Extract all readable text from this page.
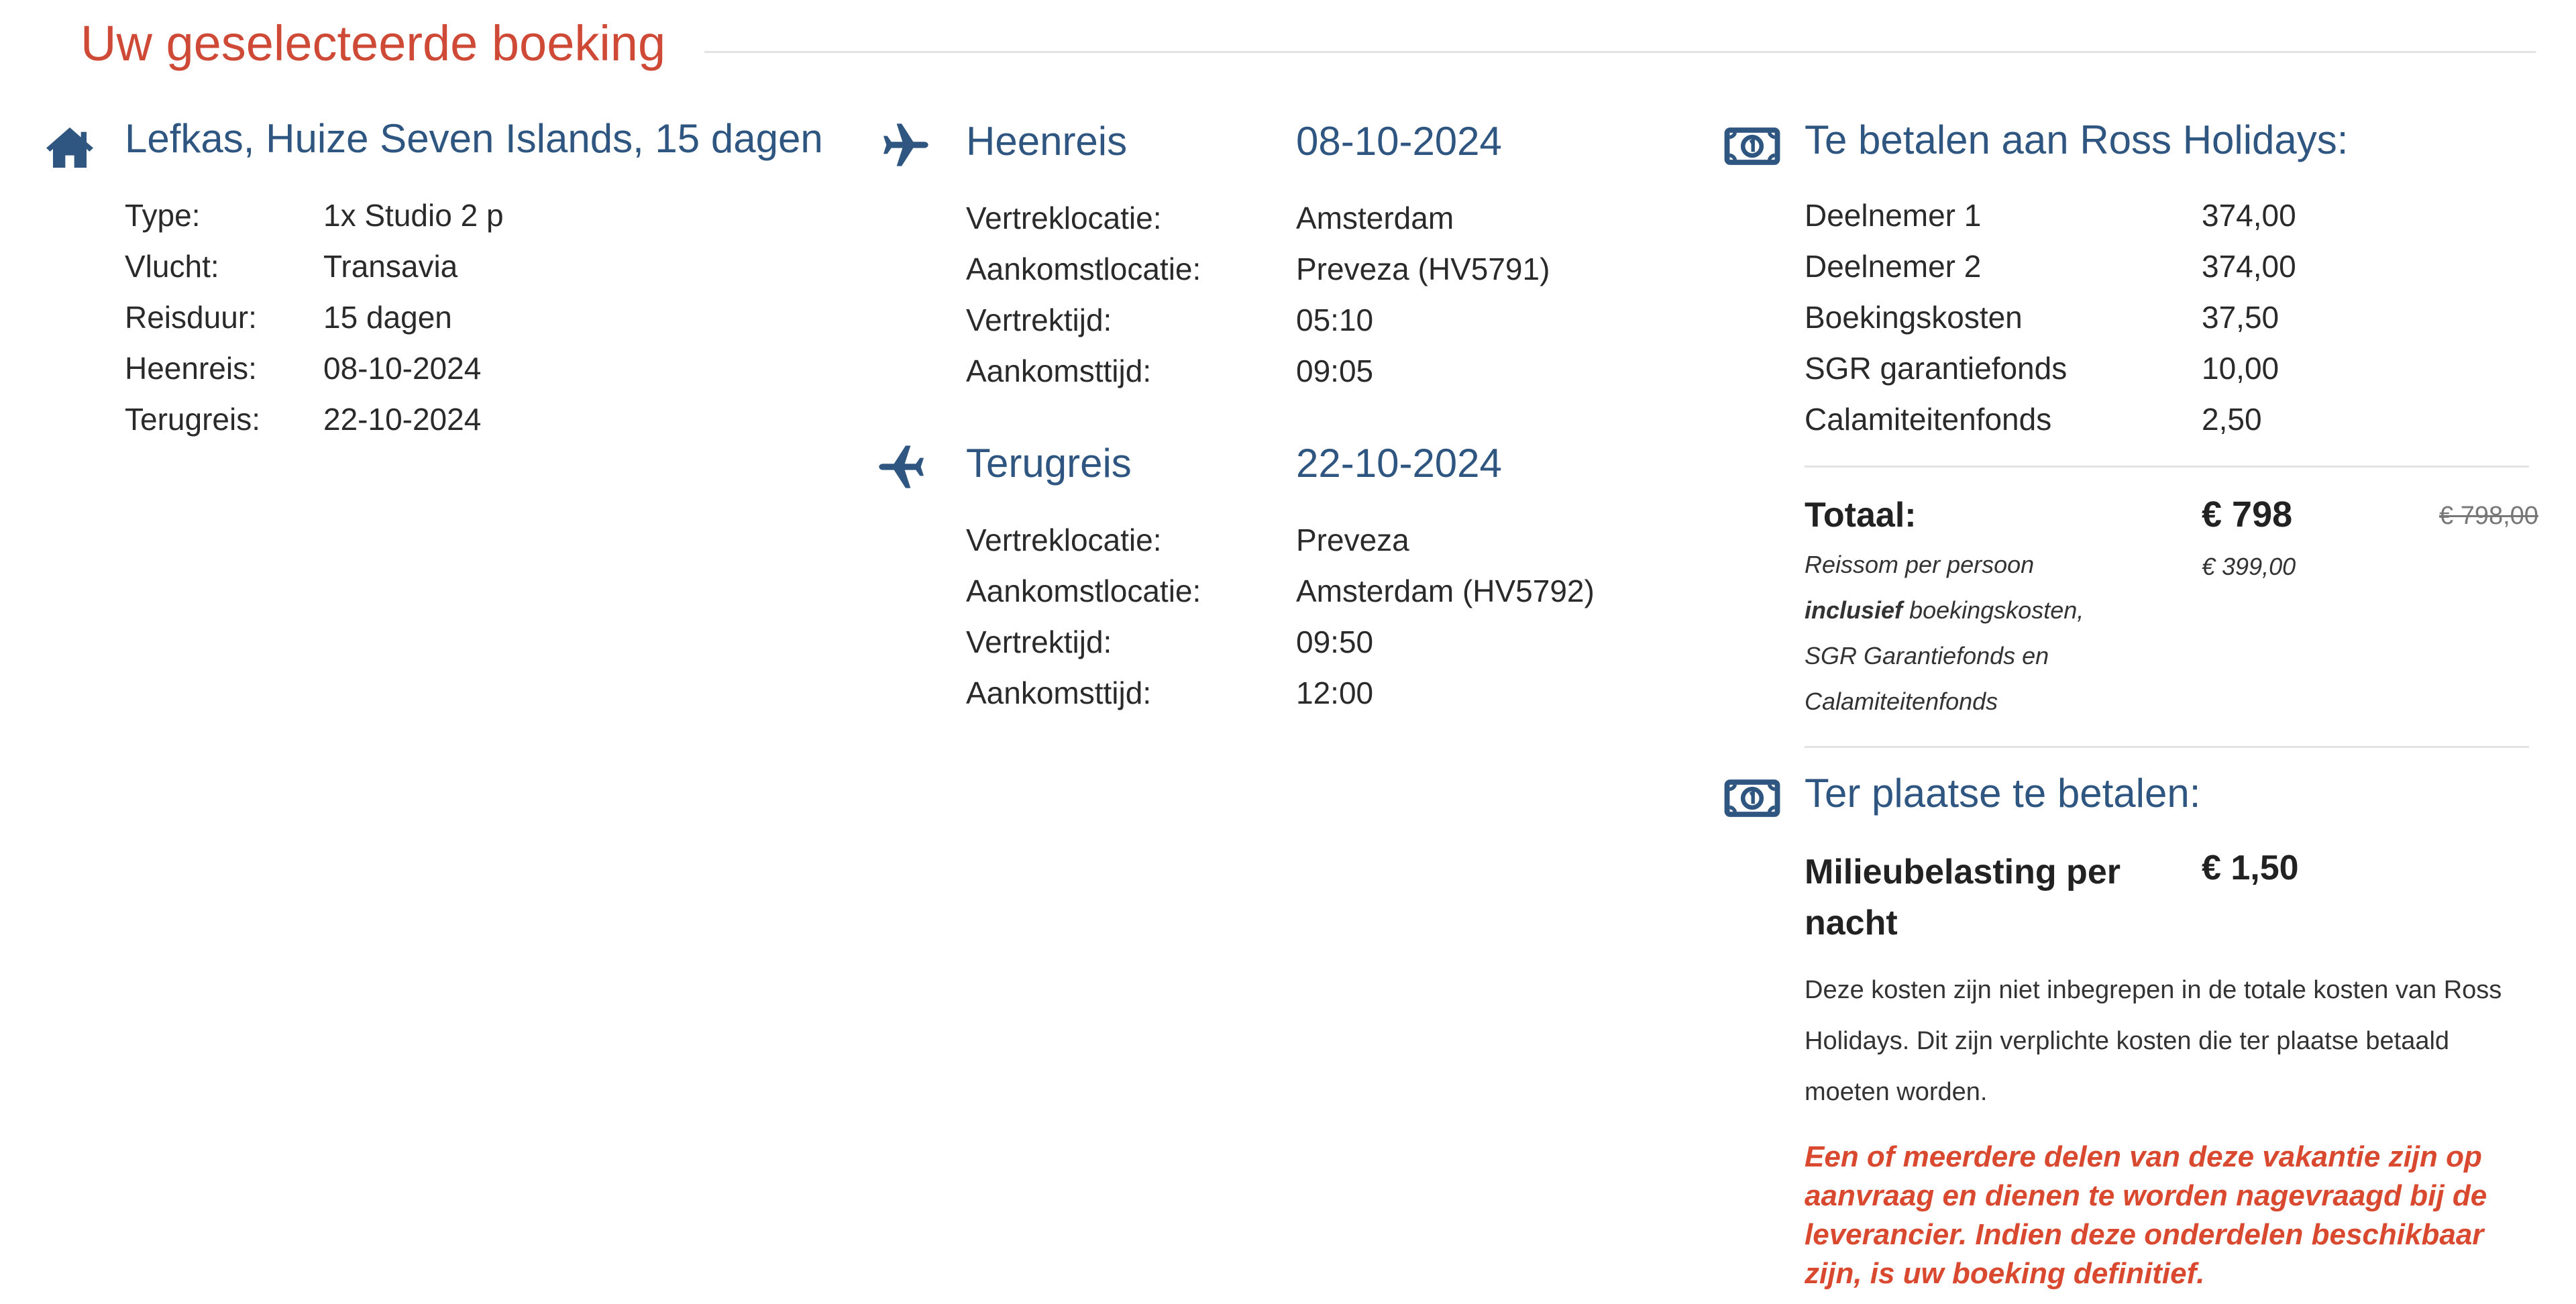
Uw geselecteerde boeking
Lefkas, Huize Seven Islands, 15 dagen
Type:	1x Studio 2 p
Vlucht:	Transavia
Reisduur: 15 dagen
Heenreis: 08-10-2024
Terugreis: 22-10-2024
Heenreis	08-10-2024
Vertreklocatie:	Amsterdam
Aankomstlocatie:	Preveza (HV5791)
Vertrektijd:	05:10
Aankomsttijd:	09:05
Terugreis	22-10-2024
Vertreklocatie:	Preveza
Aankomstlocatie:	Amsterdam (HV5792)
Vertrektijd:	09:50
Aankomsttijd:	12:00
Te betalen aan Ross Holidays:
Deelnemer 1	374,00
Deelnemer 2	374,00
Boekingskosten	37,50
SGR garantiefonds	10,00
Calamiteitenfonds	2,50
Totaal:	€ 798	€ 798,00
Reissom per persoon
inclusief boekingskosten,
SGR Garantiefonds en
Calamiteitenfonds
€ 399,00
Ter plaatse te betalen:
Milieubelasting per
nacht
€ 1,50
Deze kosten zijn niet inbegrepen in de totale kosten van Ross Holidays. Dit zijn verplichte kosten die ter plaatse betaald moeten worden.
Een of meerdere delen van deze vakantie zijn op aanvraag en dienen te worden nagevraagd bij de leverancier. Indien deze onderdelen beschikbaar zijn, is uw boeking definitief.
